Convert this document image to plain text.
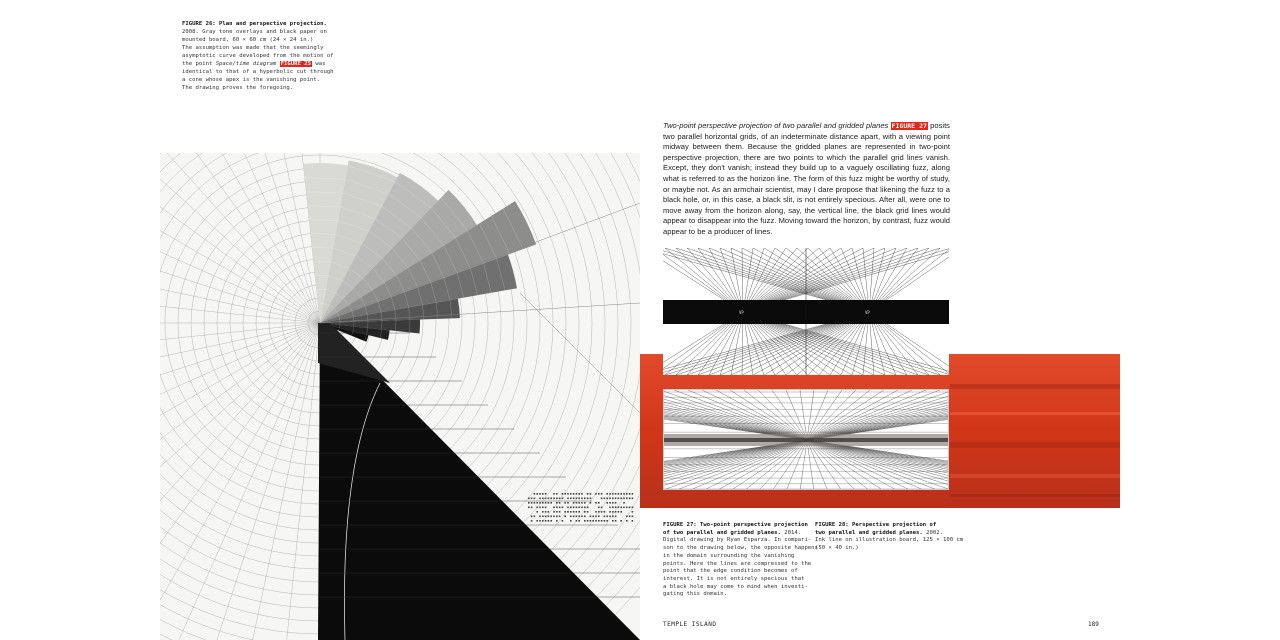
FIGURE 26: Plan and perspective projection.
2008. Gray tone overlays and black paper on
mounted board, 60 × 60 cm (24 × 24 in.)
The assumption was made that the seemingly
asymptotic curve developed from the motion of
the point Space/time diagram FIGURE 25 was
identical to that of a hyperbolic cut through
a cone whose apex is the vanishing point.
The drawing proves the foregoing.
Two-point perspective projection of two parallel and gridded planes FIGURE 27 posits two parallel horizontal grids, of an indeterminate distance apart, with a viewing point midway between them. Because the gridded planes are represented in two-point perspective projection, there are two points to which the parallel grid lines vanish. Except, they don't vanish; instead they build up to a vaguely oscillating fuzz, along what is referred to as the horizon line. The form of this fuzz might be worthy of study, or maybe not. As an armchair scientist, may I dare propose that likening the fuzz to a black hole, or, in this case, a black slit, is not entirely specious. After all, were one to move away from the horizon along, say, the vertical line, the black grid lines would appear to disappear into the fuzz. Moving toward the horizon, by contrast, fuzz would appear to be a producer of lines.
VP	VP
FIGURE 27: Two-point perspective projection
of two parallel and gridded planes. 2014.
Digital drawing by Ryan Esparza. In compari-
son to the drawing below, the opposite happens
in the domain surrounding the vanishing
points. Here the lines are compressed to the
point that the edge condition becomes of
interest. It is not entirely specious that
a black hole may come to mind when investi-
gating this domain.
FIGURE 28: Perspective projection of
two parallel and gridded planes. 2002.
Ink line on illustration board, 125 × 100 cm
(50 × 40 in.)
TEMPLE ISLAND	189
